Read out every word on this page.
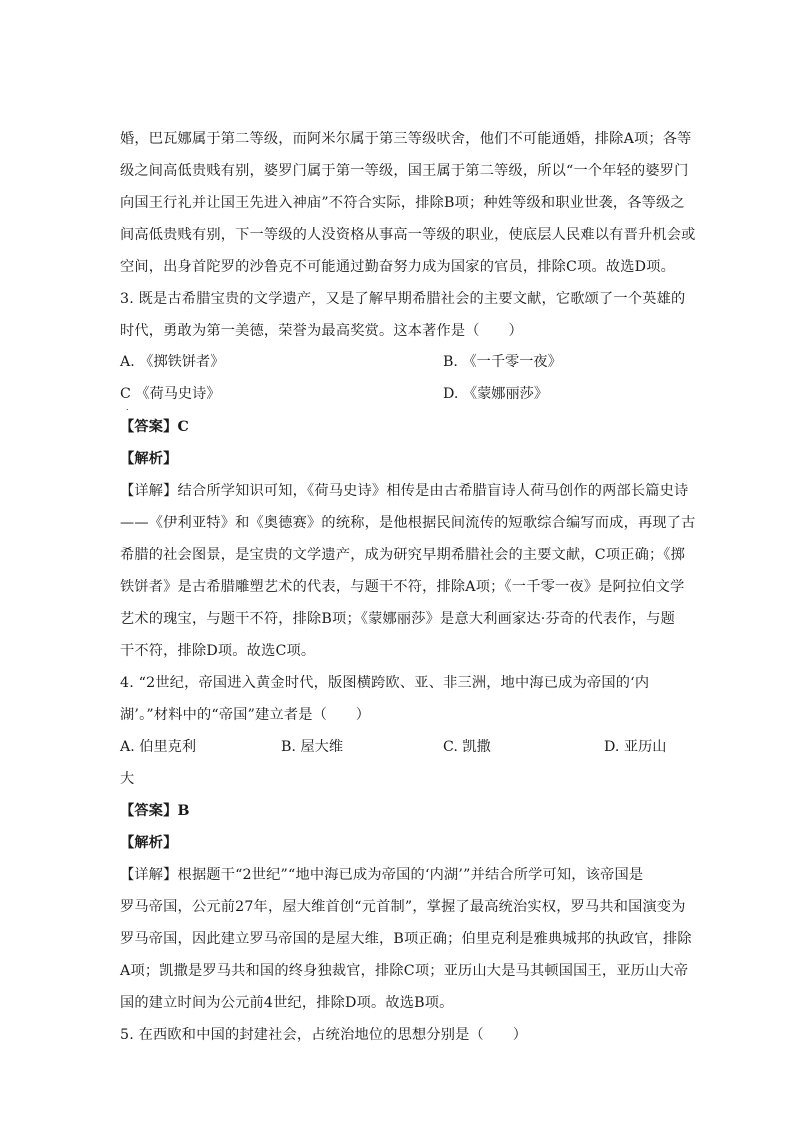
婚，巴瓦娜属于第二等级，而阿米尔属于第三等级吠舍，他们不可能通婚，排除A项；各等
级之间高低贵贱有别，婆罗门属于第一等级，国王属于第二等级，所以“一个年轻的婆罗门
向国王行礼并让国王先进入神庙”不符合实际，排除B项；种姓等级和职业世袭，各等级之
间高低贵贱有别，下一等级的人没资格从事高一等级的职业，使底层人民难以有晋升机会或
空间，出身首陀罗的沙鲁克不可能通过勤奋努力成为国家的官员，排除C项。故选D项。
3. 既是古希腊宝贵的文学遗产，又是了解早期希腊社会的主要文献，它歌颂了一个英雄的
时代，勇敢为第一美德，荣誉为最高奖赏。这本著作是（　　）
A. 《掷铁饼者》	B. 《一千零一夜》
C 《荷马史诗》	D. 《蒙娜丽莎》
.
【答案】C
【解析】
【详解】结合所学知识可知，《荷马史诗》相传是由古希腊盲诗人荷马创作的两部长篇史诗
——《伊利亚特》和《奥德赛》的统称，是他根据民间流传的短歌综合编写而成，再现了古
希腊的社会图景，是宝贵的文学遗产，成为研究早期希腊社会的主要文献，C项正确；《掷
铁饼者》是古希腊雕塑艺术的代表，与题干不符，排除A项；《一千零一夜》是阿拉伯文学
艺术的瑰宝，与题干不符，排除B项；《蒙娜丽莎》是意大利画家达·芬奇的代表作，与题
干不符，排除D项。故选C项。
4. “2世纪，帝国进入黄金时代，版图横跨欧、亚、非三洲，地中海已成为帝国的‘内
湖’。”材料中的“帝国”建立者是（　　）
A. 伯里克利	B. 屋大维	C. 凯撒	D. 亚历山
大
【答案】B
【解析】
【详解】根据题干“2世纪”“地中海已成为帝国的‘内湖’”并结合所学可知，该帝国是
罗马帝国，公元前27年，屋大维首创“元首制”，掌握了最高统治实权，罗马共和国演变为
罗马帝国，因此建立罗马帝国的是屋大维，B项正确；伯里克利是雅典城邦的执政官，排除
A项；凯撒是罗马共和国的终身独裁官，排除C项；亚历山大是马其顿国国王，亚历山大帝
国的建立时间为公元前4世纪，排除D项。故选B项。
5. 在西欧和中国的封建社会，占统治地位的思想分别是（　　）
